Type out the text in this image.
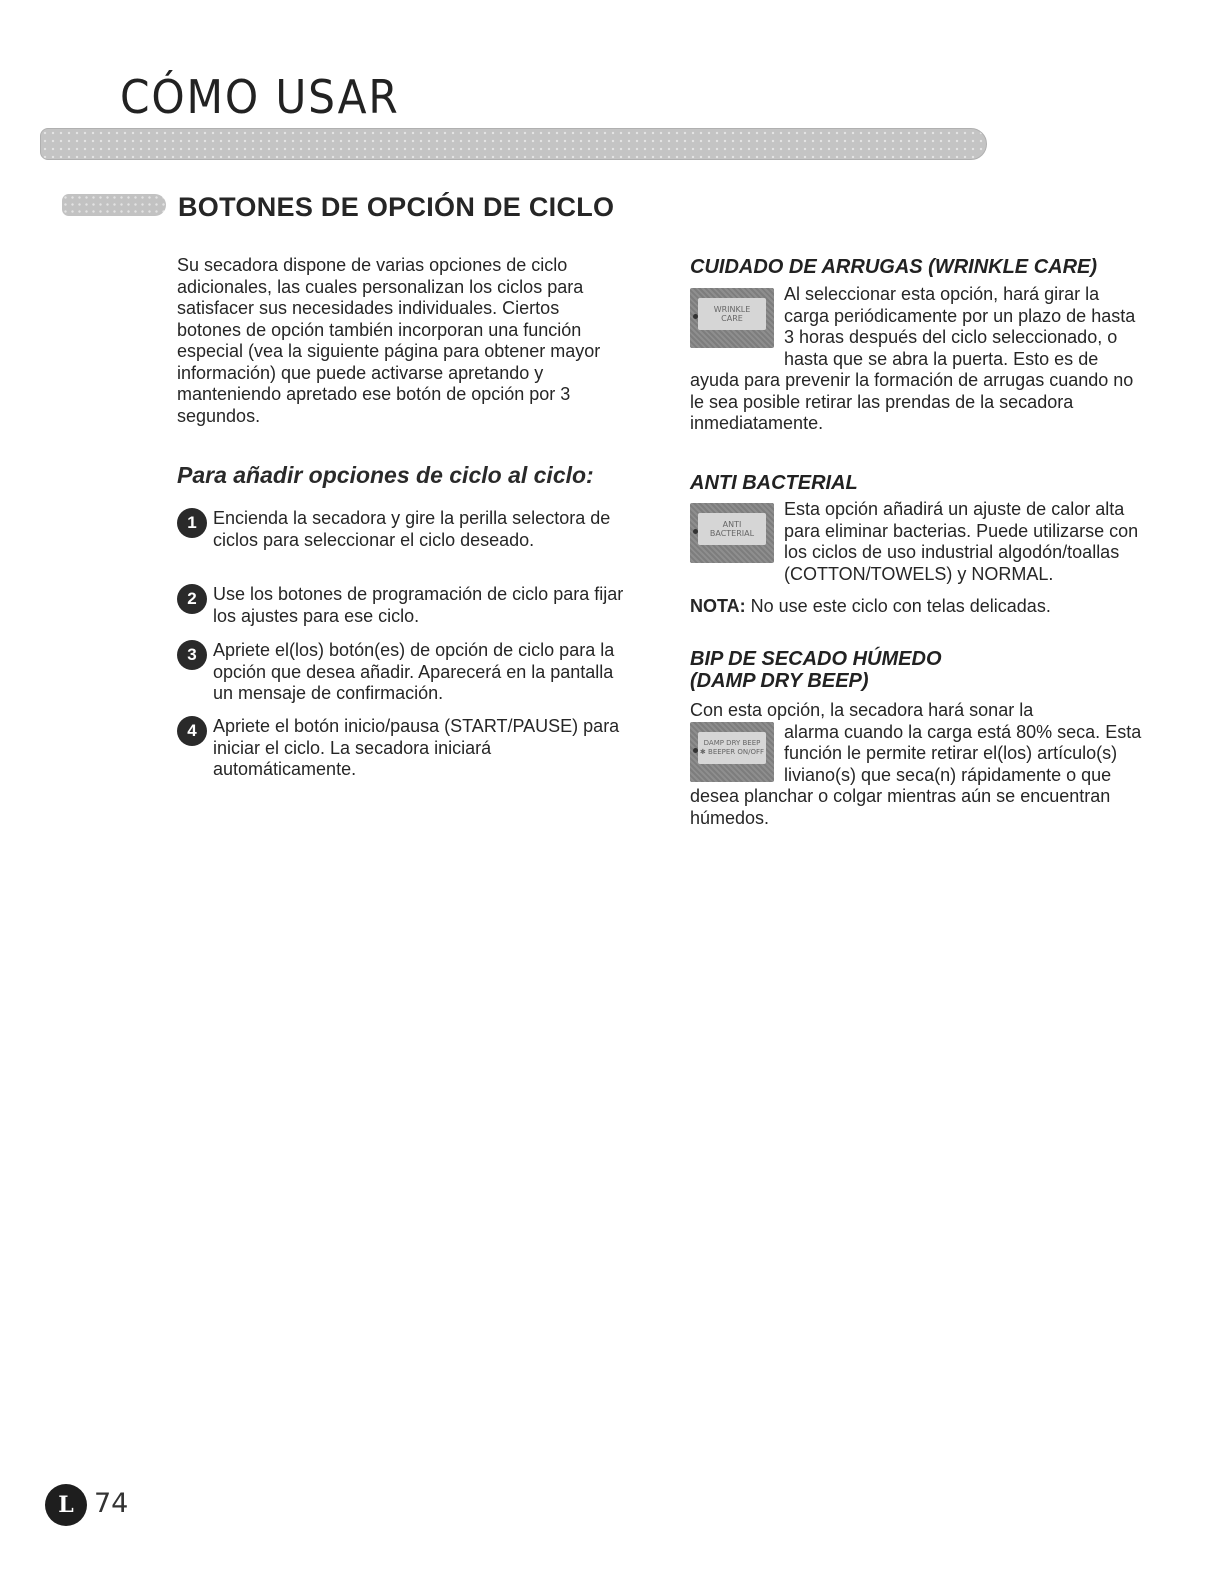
CÓMO USAR
BOTONES DE OPCIÓN DE CICLO

Su secadora dispone de varias opciones de ciclo adicionales, las cuales personalizan los ciclos para satisfacer sus necesidades individuales. Ciertos botones de opción también incorporan una función especial (vea la siguiente página para obtener mayor información) que puede activarse apretando y manteniendo apretado ese botón de opción por 3 segundos.

Para añadir opciones de ciclo al ciclo:
1 Encienda la secadora y gire la perilla selectora de ciclos para seleccionar el ciclo deseado.
2 Use los botones de programación de ciclo para fijar los ajustes para ese ciclo.
3 Apriete el(los) botón(es) de opción de ciclo para la opción que desea añadir. Aparecerá en la pantalla un mensaje de confirmación.
4 Apriete el botón inicio/pausa (START/PAUSE) para iniciar el ciclo. La secadora iniciará automáticamente.
CUIDADO DE ARRUGAS (WRINKLE CARE)
WRINKLE
CARE
Al seleccionar esta opción, hará girar la carga periódicamente por un plazo de hasta 3 horas después del ciclo seleccionado, o hasta que se abra la puerta. Esto es de ayuda para prevenir la formación de arrugas cuando no le sea posible retirar las prendas de la secadora inmediatamente.
ANTI BACTERIAL
ANTI
BACTERIAL
Esta opción añadirá un ajuste de calor alta para eliminar bacterias. Puede utilizarse con los ciclos de uso industrial algodón/toallas (COTTON/TOWELS) y NORMAL.

NOTA: No use este ciclo con telas delicadas.

BIP DE SECADO HÚMEDO
(DAMP DRY BEEP)
Con esta opción, la secadora hará sonar la
DAMP DRY BEEP
✱ BEEPER ON/OFF
alarma cuando la carga está 80% seca. Esta función le permite retirar el(los) artículo(s) liviano(s) que seca(n) rápidamente o que desea planchar o colgar mientras aún se encuentran húmedos.
L 74
